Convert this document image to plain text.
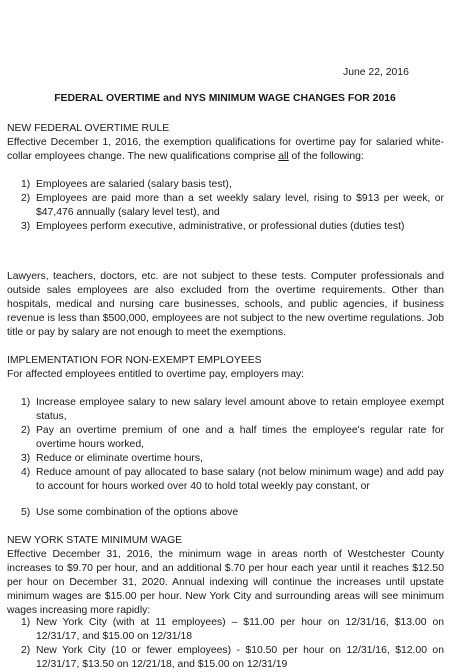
June 22, 2016
FEDERAL OVERTIME and NYS MINIMUM WAGE CHANGES FOR 2016
NEW FEDERAL OVERTIME RULE
Effective December 1, 2016, the exemption qualifications for overtime pay for salaried white-collar employees change. The new qualifications comprise all of the following:
1) Employees are salaried (salary basis test),
2) Employees are paid more than a set weekly salary level, rising to $913 per week, or $47,476 annually (salary level test), and
3) Employees perform executive, administrative, or professional duties (duties test)
Lawyers, teachers, doctors, etc. are not subject to these tests. Computer professionals and outside sales employees are also excluded from the overtime requirements. Other than hospitals, medical and nursing care businesses, schools, and public agencies, if business revenue is less than $500,000, employees are not subject to the new overtime regulations. Job title or pay by salary are not enough to meet the exemptions.
IMPLEMENTATION FOR NON-EXEMPT EMPLOYEES
For affected employees entitled to overtime pay, employers may:
1) Increase employee salary to new salary level amount above to retain employee exempt status,
2) Pay an overtime premium of one and a half times the employee's regular rate for overtime hours worked,
3) Reduce or eliminate overtime hours,
4) Reduce amount of pay allocated to base salary (not below minimum wage) and add pay to account for hours worked over 40 to hold total weekly pay constant, or
5) Use some combination of the options above
NEW YORK STATE MINIMUM WAGE
Effective December 31, 2016, the minimum wage in areas north of Westchester County increases to $9.70 per hour, and an additional $.70 per hour each year until it reaches $12.50 per hour on December 31, 2020. Annual indexing will continue the increases until upstate minimum wages are $15.00 per hour. New York City and surrounding areas will see minimum wages increasing more rapidly:
1) New York City (with at 11 employees) – $11.00 per hour on 12/31/16, $13.00 on 12/31/17, and $15.00 on 12/31/18
2) New York City (10 or fewer employees) - $10.50 per hour on 12/31/16, $12.00 on 12/31/17, $13.50 on 12/21/18, and $15.00 on 12/31/19
